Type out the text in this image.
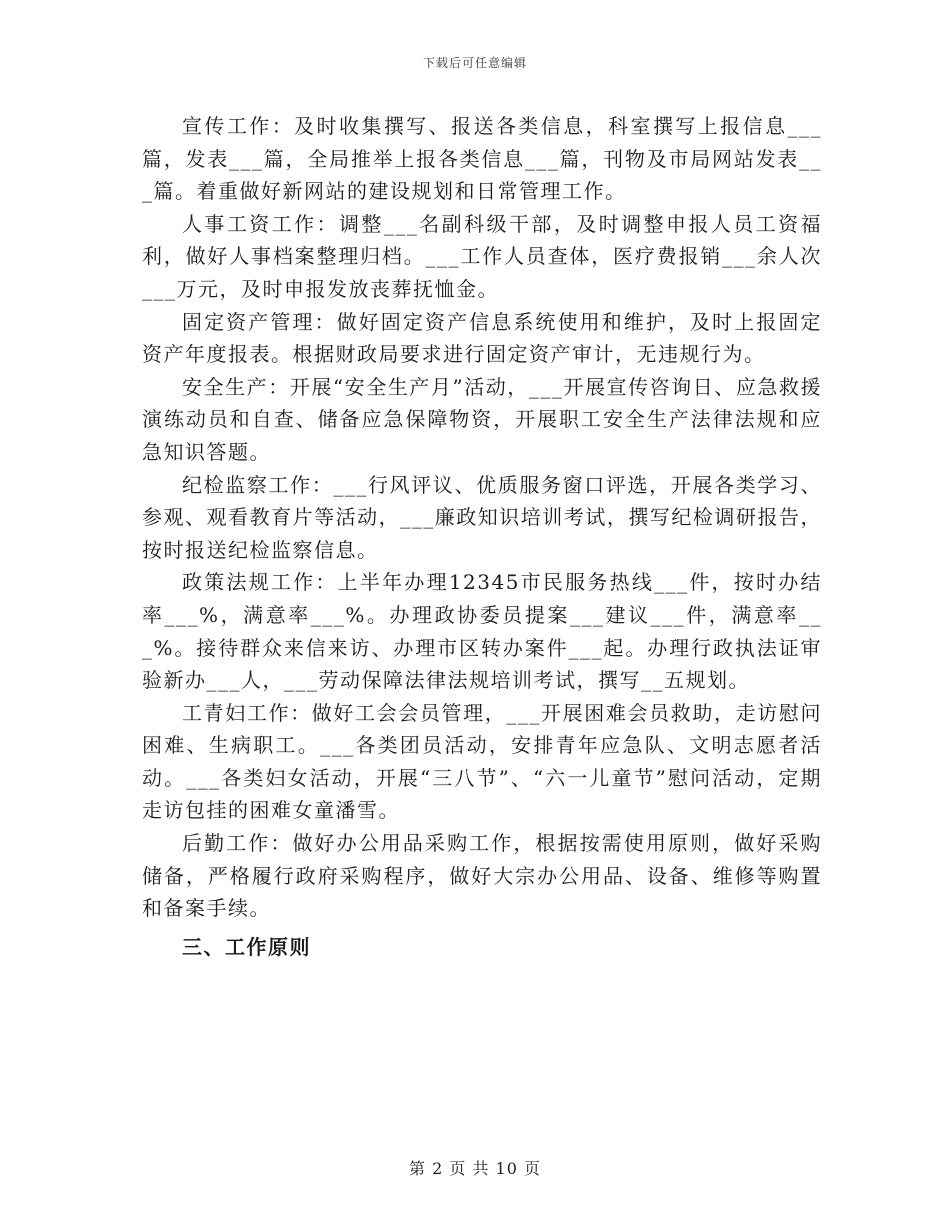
下载后可任意编辑

宣传工作：及时收集撰写、报送各类信息，科室撰写上报信息___篇，发表___篇，全局推举上报各类信息___篇，刊物及市局网站发表___篇。着重做好新网站的建设规划和日常管理工作。

人事工资工作：调整___名副科级干部，及时调整申报人员工资福利，做好人事档案整理归档。___工作人员查体，医疗费报销___余人次___万元，及时申报发放丧葬抚恤金。

固定资产管理：做好固定资产信息系统使用和维护，及时上报固定资产年度报表。根据财政局要求进行固定资产审计，无违规行为。

安全生产：开展“安全生产月”活动，___开展宣传咨询日、应急救援演练动员和自查、储备应急保障物资，开展职工安全生产法律法规和应急知识答题。

纪检监察工作：___行风评议、优质服务窗口评选，开展各类学习、参观、观看教育片等活动，___廉政知识培训考试，撰写纪检调研报告，按时报送纪检监察信息。

政策法规工作：上半年办理12345市民服务热线___件，按时办结率___%，满意率___%。办理政协委员提案___建议___件，满意率___%。接待群众来信来访、办理市区转办案件___起。办理行政执法证审验新办___人，___劳动保障法律法规培训考试，撰写__五规划。

工青妇工作：做好工会会员管理，___开展困难会员救助，走访慰问困难、生病职工。___各类团员活动，安排青年应急队、文明志愿者活动。___各类妇女活动，开展“三八节”、“六一儿童节”慰问活动，定期走访包挂的困难女童潘雪。

后勤工作：做好办公用品采购工作，根据按需使用原则，做好采购储备，严格履行政府采购程序，做好大宗办公用品、设备、维修等购置和备案手续。

三、工作原则

第 2 页 共 10 页
